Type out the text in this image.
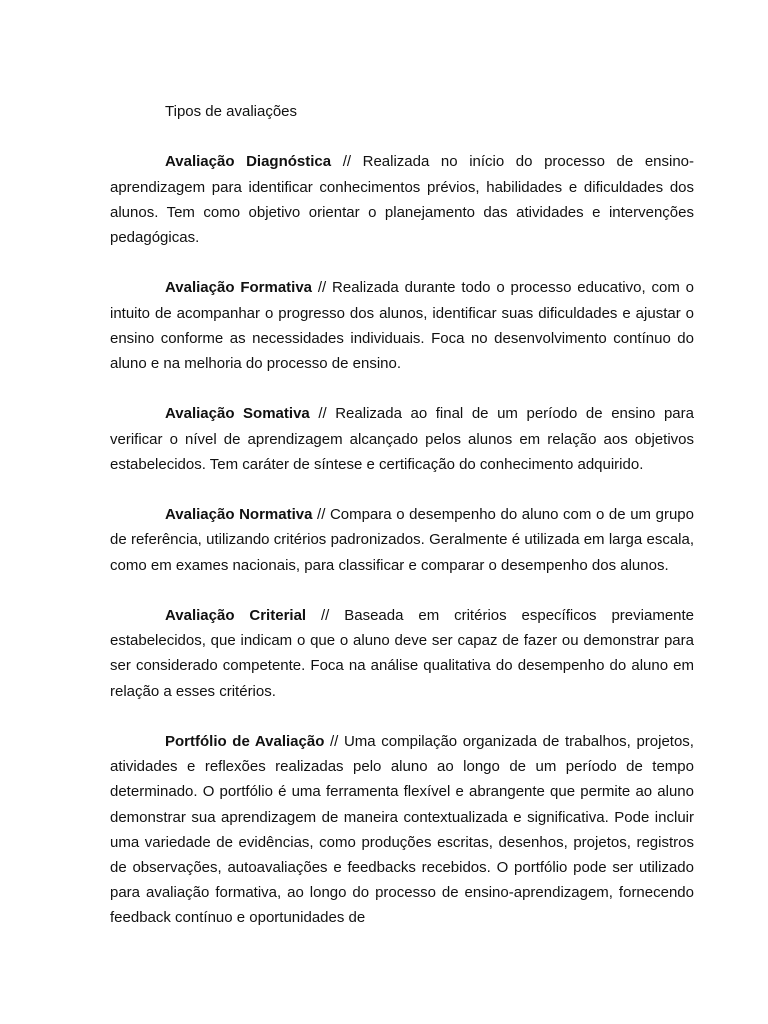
Tipos de avaliações

Avaliação Diagnóstica // Realizada no início do processo de ensino-aprendizagem para identificar conhecimentos prévios, habilidades e dificuldades dos alunos. Tem como objetivo orientar o planejamento das atividades e intervenções pedagógicas.

Avaliação Formativa // Realizada durante todo o processo educativo, com o intuito de acompanhar o progresso dos alunos, identificar suas dificuldades e ajustar o ensino conforme as necessidades individuais. Foca no desenvolvimento contínuo do aluno e na melhoria do processo de ensino.

Avaliação Somativa // Realizada ao final de um período de ensino para verificar o nível de aprendizagem alcançado pelos alunos em relação aos objetivos estabelecidos. Tem caráter de síntese e certificação do conhecimento adquirido.

Avaliação Normativa // Compara o desempenho do aluno com o de um grupo de referência, utilizando critérios padronizados. Geralmente é utilizada em larga escala, como em exames nacionais, para classificar e comparar o desempenho dos alunos.

Avaliação Criterial // Baseada em critérios específicos previamente estabelecidos, que indicam o que o aluno deve ser capaz de fazer ou demonstrar para ser considerado competente. Foca na análise qualitativa do desempenho do aluno em relação a esses critérios.

Portfólio de Avaliação // Uma compilação organizada de trabalhos, projetos, atividades e reflexões realizadas pelo aluno ao longo de um período de tempo determinado. O portfólio é uma ferramenta flexível e abrangente que permite ao aluno demonstrar sua aprendizagem de maneira contextualizada e significativa. Pode incluir uma variedade de evidências, como produções escritas, desenhos, projetos, registros de observações, autoavaliações e feedbacks recebidos. O portfólio pode ser utilizado para avaliação formativa, ao longo do processo de ensino-aprendizagem, fornecendo feedback contínuo e oportunidades de
